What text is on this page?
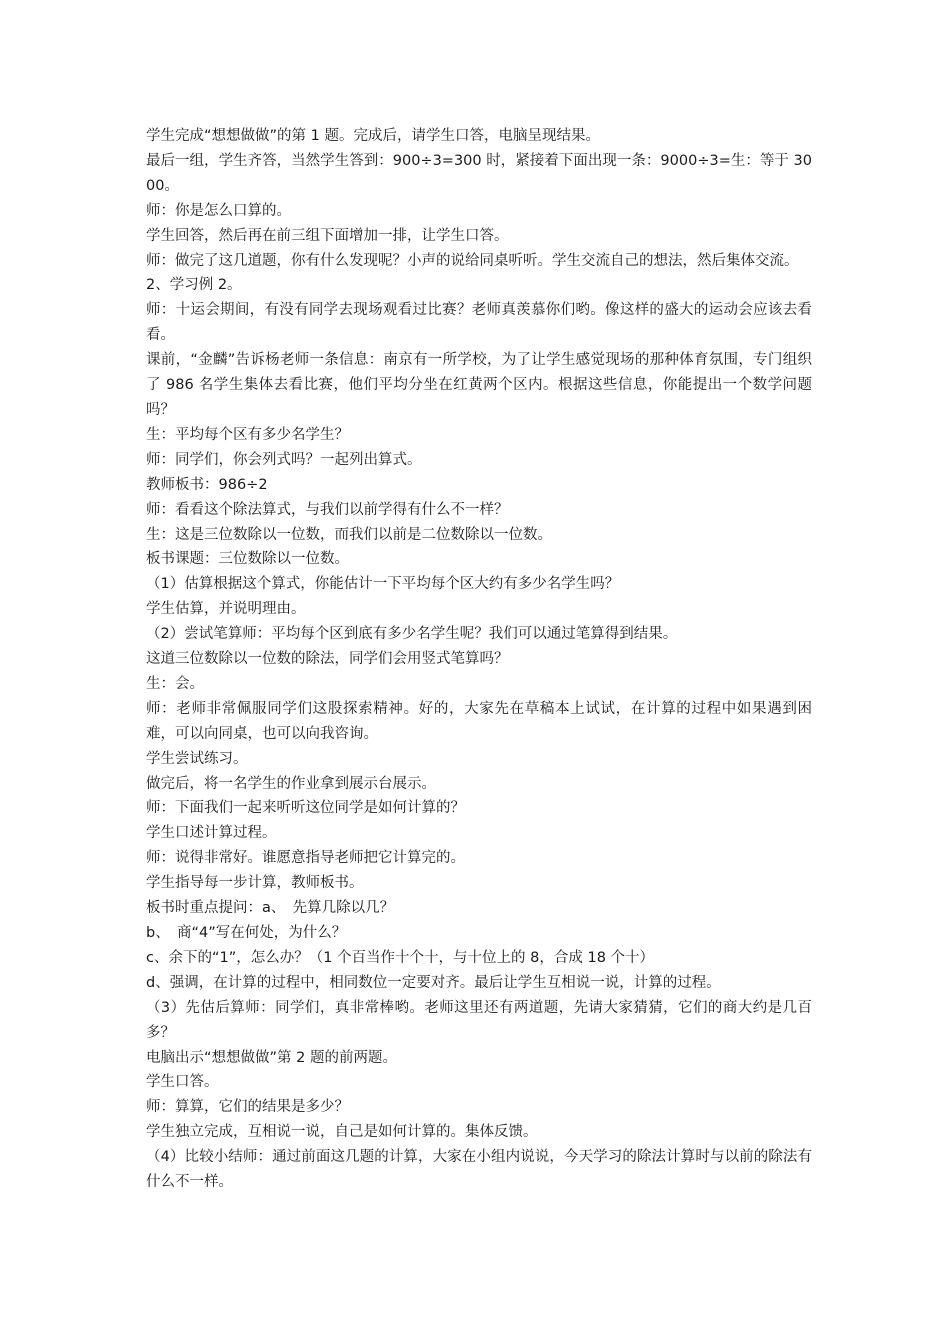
学生完成“想想做做”的第 1 题。完成后，请学生口答，电脑呈现结果。

最后一组，学生齐答，当然学生答到：900÷3=300 时，紧接着下面出现一条：9000÷3=生：等于 3000。

师：你是怎么口算的。

学生回答，然后再在前三组下面增加一排，让学生口答。

师：做完了这几道题，你有什么发现呢？小声的说给同桌听听。学生交流自己的想法，然后集体交流。

2、学习例 2。

师：十运会期间，有没有同学去现场观看过比赛？老师真羡慕你们哟。像这样的盛大的运动会应该去看看。

课前，“金麟”告诉杨老师一条信息：南京有一所学校，为了让学生感觉现场的那种体育氛围，专门组织了 986 名学生集体去看比赛，他们平均分坐在红黄两个区内。根据这些信息，你能提出一个数学问题吗？

生：平均每个区有多少名学生？

师：同学们，你会列式吗？一起列出算式。

教师板书：986÷2

师：看看这个除法算式，与我们以前学得有什么不一样？

生：这是三位数除以一位数，而我们以前是二位数除以一位数。

板书课题：三位数除以一位数。

（1）估算根据这个算式，你能估计一下平均每个区大约有多少名学生吗？

学生估算，并说明理由。

（2）尝试笔算师：平均每个区到底有多少名学生呢？我们可以通过笔算得到结果。

这道三位数除以一位数的除法，同学们会用竖式笔算吗？

生：会。

师：老师非常佩服同学们这股探索精神。好的，大家先在草稿本上试试，在计算的过程中如果遇到困难，可以向同桌，也可以向我咨询。

学生尝试练习。

做完后，将一名学生的作业拿到展示台展示。

师：下面我们一起来听听这位同学是如何计算的？

学生口述计算过程。

师：说得非常好。谁愿意指导老师把它计算完的。

学生指导每一步计算，教师板书。

板书时重点提问：a、　先算几除以几？

b、　商“4”写在何处，为什么？

c、余下的“1”，怎么办？（1 个百当作十个十，与十位上的 8，合成 18 个十）

d、强调，在计算的过程中，相同数位一定要对齐。最后让学生互相说一说，计算的过程。

（3）先估后算师：同学们，真非常棒哟。老师这里还有两道题，先请大家猜猜，它们的商大约是几百多？

电脑出示“想想做做”第 2 题的前两题。

学生口答。

师：算算，它们的结果是多少？

学生独立完成，互相说一说，自己是如何计算的。集体反馈。

（4）比较小结师：通过前面这几题的计算，大家在小组内说说，今天学习的除法计算时与以前的除法有什么不一样。
